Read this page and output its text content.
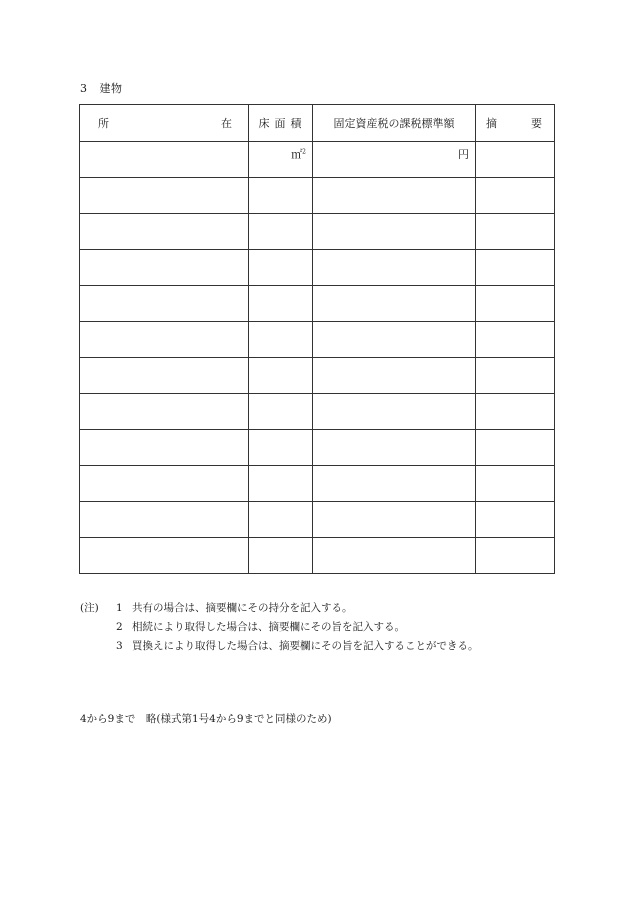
3 建物
所 在	床面積	固定資産税の課税標準額	摘 要

	㎡$^2$	円	

(注)	1 共有の場合は、摘要欄にその持分を記入する。
2 相続により取得した場合は、摘要欄にその旨を記入する。
3 買換えにより取得した場合は、摘要欄にその旨を記入することができる。
4から9まで　略(様式第1号4から9までと同様のため)
